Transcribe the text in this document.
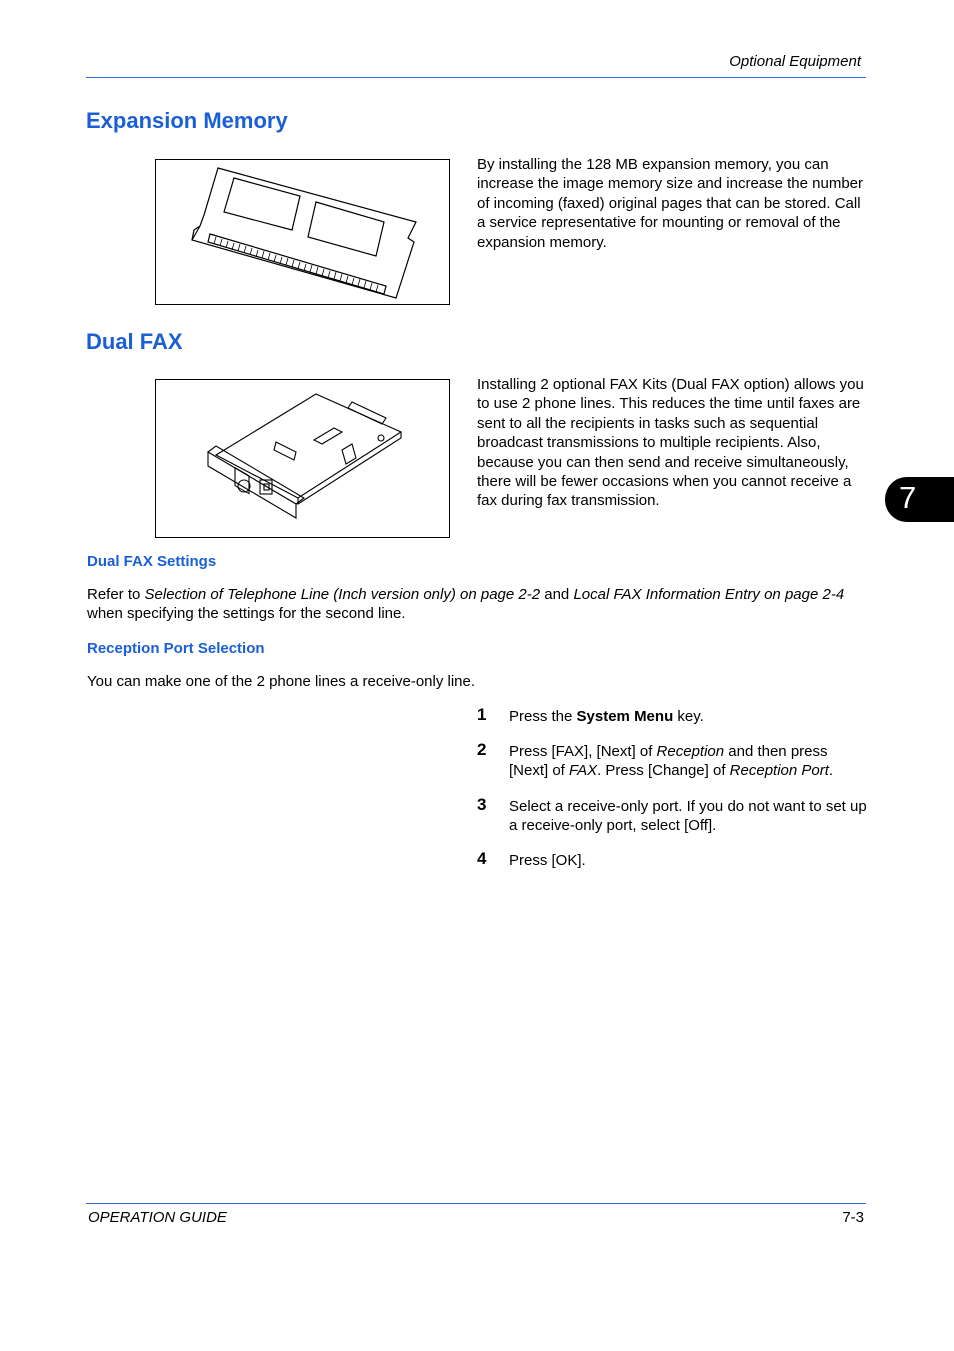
Optional Equipment
Expansion Memory
By installing the 128 MB expansion memory, you can increase the image memory size and increase the number of incoming (faxed) original pages that can be stored. Call a service representative for mounting or removal of the expansion memory.
Dual FAX
Installing 2 optional FAX Kits (Dual FAX option) allows you to use 2 phone lines. This reduces the time until faxes are sent to all the recipients in tasks such as sequential broadcast transmissions to multiple recipients. Also, because you can then send and receive simultaneously, there will be fewer occasions when you cannot receive a fax during fax transmission.
Dual FAX Settings
Refer to Selection of Telephone Line (Inch version only) on page 2-2 and Local FAX Information Entry on page 2-4 when specifying the settings for the second line.
Reception Port Selection
You can make one of the 2 phone lines a receive-only line.
1 Press the System Menu key.
2 Press [FAX], [Next] of Reception and then press [Next] of FAX. Press [Change] of Reception Port.
3 Select a receive-only port. If you do not want to set up a receive-only port, select [Off].
4 Press [OK].
7
OPERATION GUIDE	7-3
